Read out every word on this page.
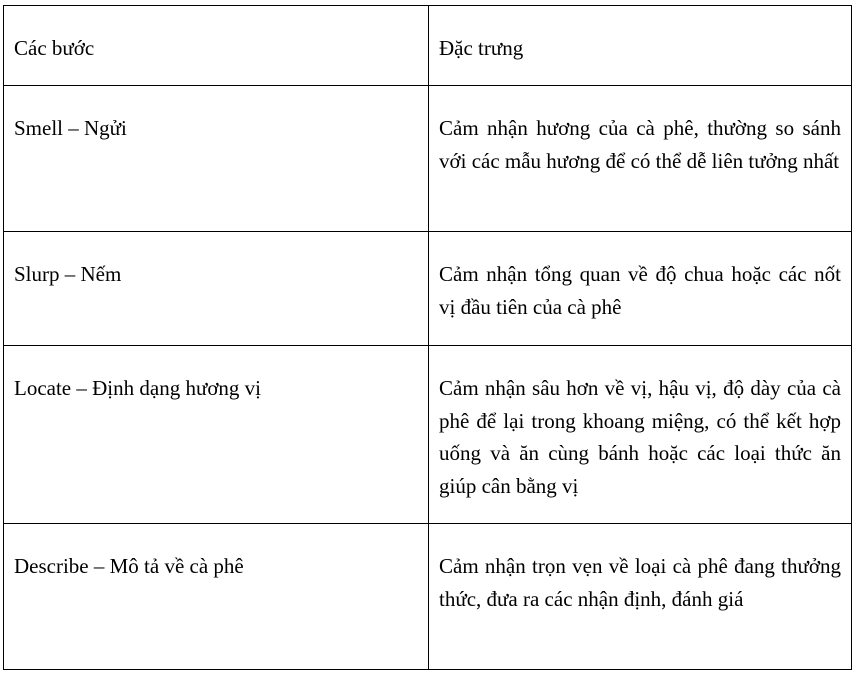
Các bước	Đặc trưng

Smell – Ngửi	Cảm nhận hương của cà phê, thường so sánh với các mẫu hương để có thể dễ liên tưởng nhất

Slurp – Nếm	Cảm nhận tổng quan về độ chua hoặc các nốt vị đầu tiên của cà phê

Locate – Định dạng hương vị	Cảm nhận sâu hơn về vị, hậu vị, độ dày của cà phê để lại trong khoang miệng, có thể kết hợp uống và ăn cùng bánh hoặc các loại thức ăn giúp cân bằng vị

Describe – Mô tả về cà phê	Cảm nhận trọn vẹn về loại cà phê đang thưởng thức, đưa ra các nhận định, đánh giá
